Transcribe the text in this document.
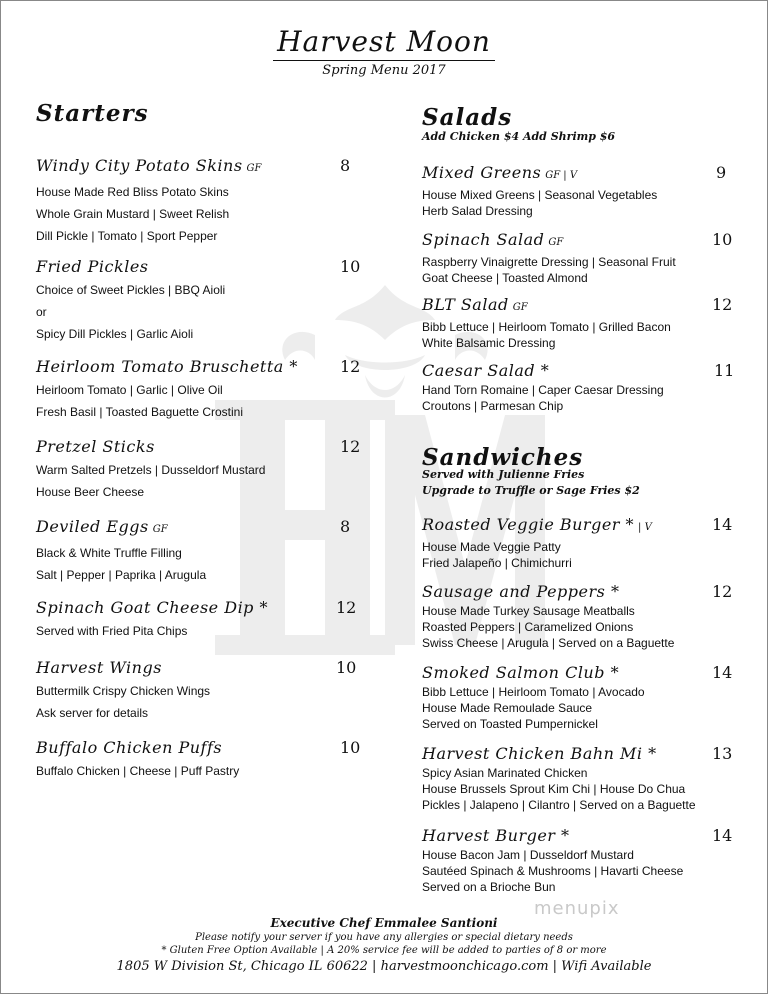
Harvest Moon
Spring Menu 2017
Starters
Windy City Potato Skins GF	8
House Made Red Bliss Potato Skins
Whole Grain Mustard | Sweet Relish
Dill Pickle | Tomato | Sport Pepper
Fried Pickles	10
Choice of Sweet Pickles | BBQ Aioli
or
Spicy Dill Pickles | Garlic Aioli
Heirloom Tomato Bruschetta *	12
Heirloom Tomato | Garlic | Olive Oil
Fresh Basil | Toasted Baguette Crostini
Pretzel Sticks	12
Warm Salted Pretzels | Dusseldorf Mustard
House Beer Cheese
Deviled Eggs GF	8
Black & White Truffle Filling
Salt | Pepper | Paprika | Arugula
Spinach Goat Cheese Dip *	12
Served with Fried Pita Chips
Harvest Wings	10
Buttermilk Crispy Chicken Wings
Ask server for details
Buffalo Chicken Puffs	10
Buffalo Chicken | Cheese | Puff Pastry
Salads
Add Chicken $4 Add Shrimp $6
Mixed Greens GF | V	9
House Mixed Greens | Seasonal Vegetables
Herb Salad Dressing
Spinach Salad GF	10
Raspberry Vinaigrette Dressing | Seasonal Fruit
Goat Cheese | Toasted Almond
BLT Salad GF	12
Bibb Lettuce | Heirloom Tomato | Grilled Bacon
White Balsamic Dressing
Caesar Salad *	11
Hand Torn Romaine | Caper Caesar Dressing
Croutons | Parmesan Chip
Sandwiches
Served with Julienne Fries
Upgrade to Truffle or Sage Fries $2
Roasted Veggie Burger * | V	14
House Made Veggie Patty
Fried Jalapeño | Chimichurri
Sausage and Peppers *	12
House Made Turkey Sausage Meatballs
Roasted Peppers | Caramelized Onions
Swiss Cheese | Arugula | Served on a Baguette
Smoked Salmon Club *	14
Bibb Lettuce | Heirloom Tomato | Avocado
House Made Remoulade Sauce
Served on Toasted Pumpernickel
Harvest Chicken Bahn Mi *	13
Spicy Asian Marinated Chicken
House Brussels Sprout Kim Chi | House Do Chua
Pickles | Jalapeno | Cilantro | Served on a Baguette
Harvest Burger *	14
House Bacon Jam | Dusseldorf Mustard
Sautéed Spinach & Mushrooms | Havarti Cheese
Served on a Brioche Bun
menupix
Executive Chef Emmalee Santioni
Please notify your server if you have any allergies or special dietary needs
* Gluten Free Option Available | A 20% service fee will be added to parties of 8 or more
1805 W Division St, Chicago IL 60622 | harvestmoonchicago.com | Wifi Available
